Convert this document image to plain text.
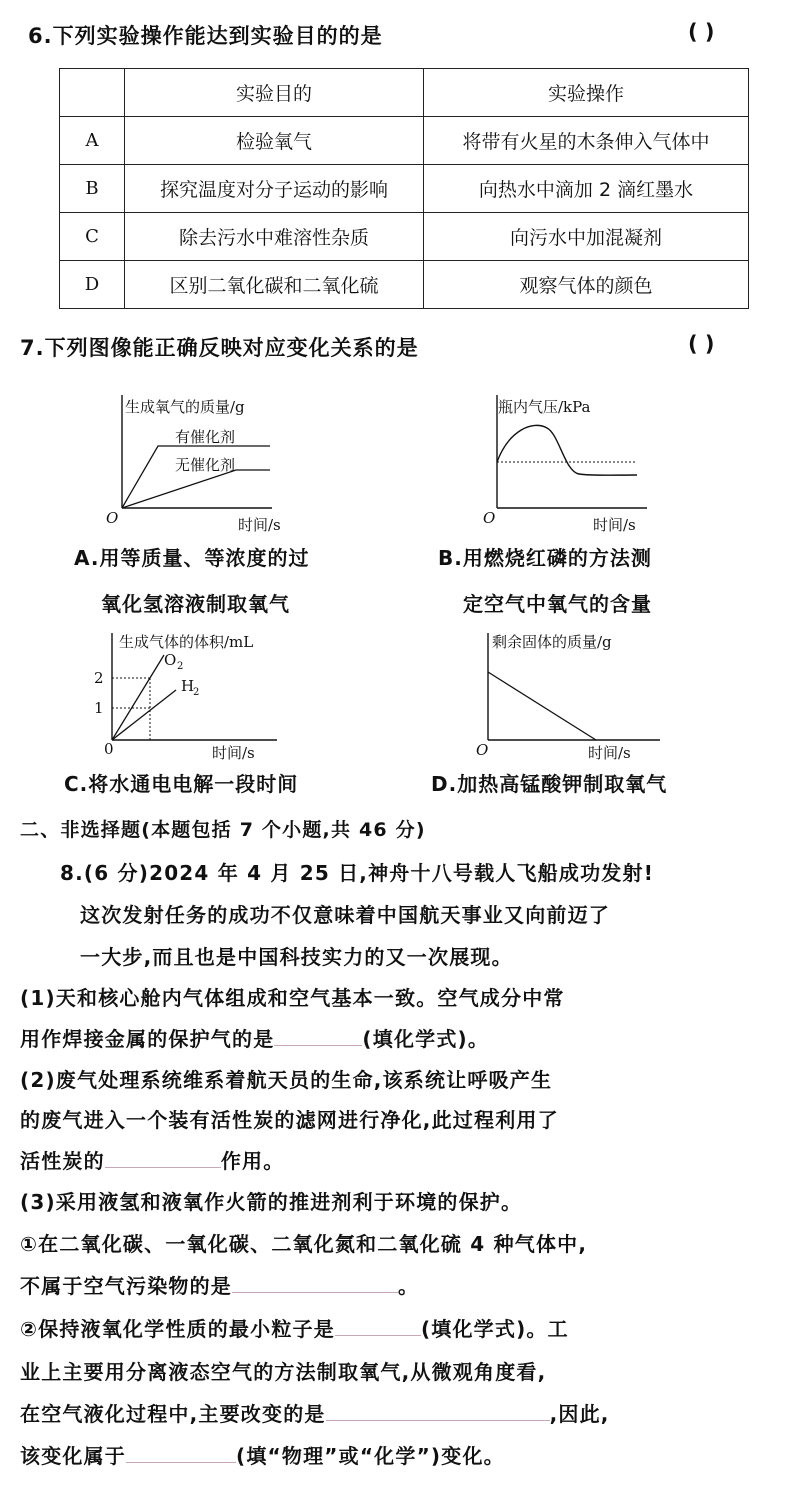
6.下列实验操作能达到实验目的的是	( )
	实验目的	实验操作
A	检验氧气	将带有火星的木条伸入气体中
B	探究温度对分子运动的影响	向热水中滴加 2 滴红墨水
C	除去污水中难溶性杂质	向污水中加混凝剂
D	区别二氧化碳和二氧化硫	观察气体的颜色
7.下列图像能正确反映对应变化关系的是	( )
生成氧气的质量/g
有催化剂
无催化剂
O	时间/s
A.用等质量、等浓度的过
氧化氢溶液制取氧气
瓶内气压/kPa
O	时间/s
B.用燃烧红磷的方法测
定空气中氧气的含量
生成气体的体积/mL
2
1
O 2
H
2
0	时间/s
C.将水通电电解一段时间
剩余固体的质量/g
O	时间/s
D.加热高锰酸钾制取氧气
二、非选择题(本题包括 7 个小题,共 46 分)
8.(6 分)2024 年 4 月 25 日,神舟十八号载人飞船成功发射!
这次发射任务的成功不仅意味着中国航天事业又向前迈了
一大步,而且也是中国科技实力的又一次展现。
(1)天和核心舱内气体组成和空气基本一致。空气成分中常
用作焊接金属的保护气的是	(填化学式)。
(2)废气处理系统维系着航天员的生命,该系统让呼吸产生
的废气进入一个装有活性炭的滤网进行净化,此过程利用了
活性炭的	作用。
(3)采用液氢和液氧作火箭的推进剂利于环境的保护。
①在二氧化碳、一氧化碳、二氧化氮和二氧化硫 4 种气体中,
不属于空气污染物的是	。
②保持液氧化学性质的最小粒子是	(填化学式)。工
业上主要用分离液态空气的方法制取氧气,从微观角度看,
在空气液化过程中,主要改变的是	,因此,
该变化属于	(填“物理”或“化学”)变化。
